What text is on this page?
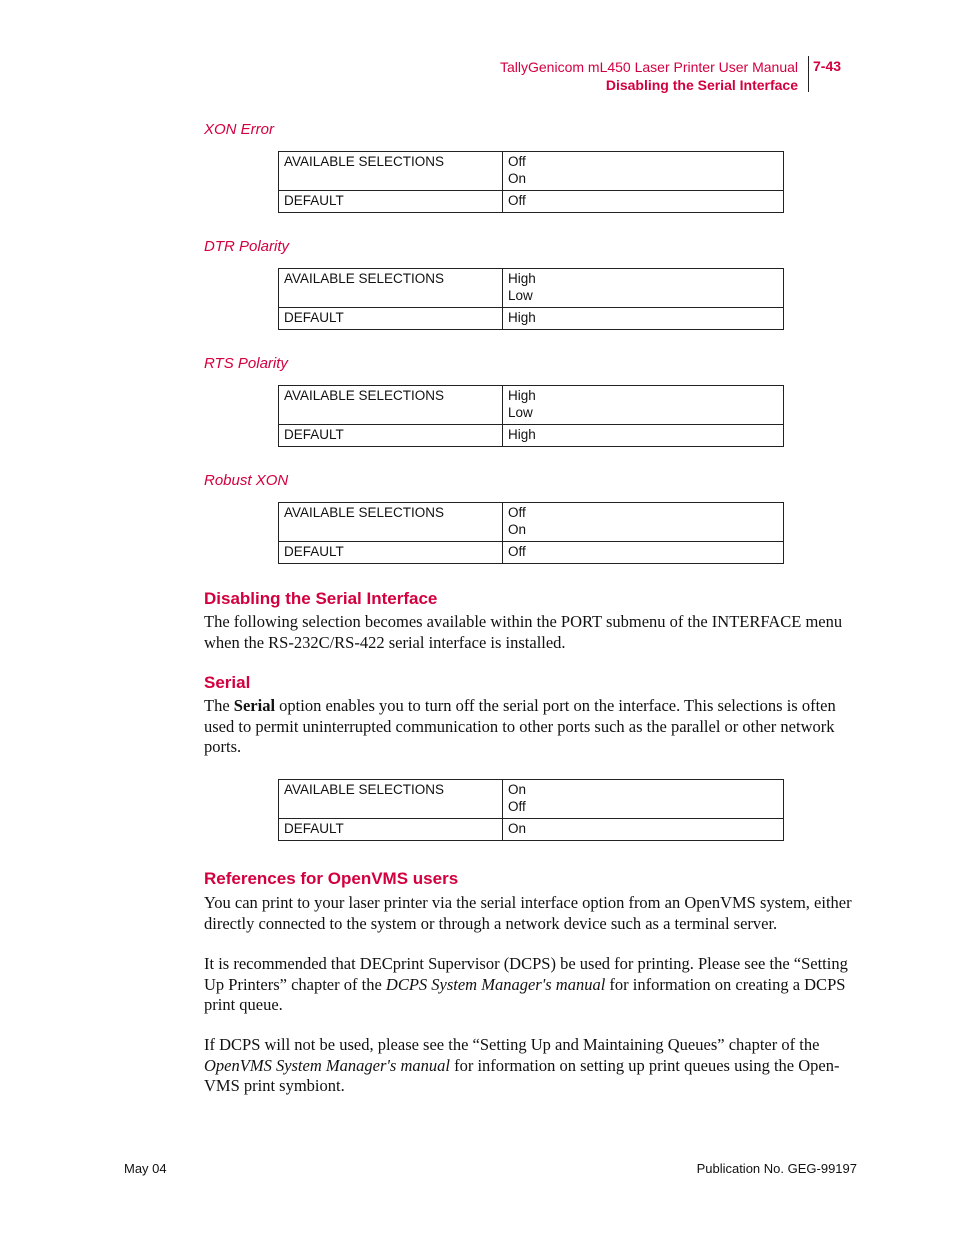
TallyGenicom mL450 Laser Printer User Manual
Disabling the Serial Interface
7-43
XON Error
AVAILABLE SELECTIONS	Off
On

DEFAULT	Off
DTR Polarity
AVAILABLE SELECTIONS	High
Low

DEFAULT	High
RTS Polarity
AVAILABLE SELECTIONS	High
Low

DEFAULT	High
Robust XON
AVAILABLE SELECTIONS	Off
On

DEFAULT	Off
Disabling the Serial Interface
The following selection becomes available within the PORT submenu of the INTERFACE menu when the RS-232C/RS-422 serial interface is installed.
Serial
The Serial option enables you to turn off the serial port on the interface. This selections is often used to permit uninterrupted communication to other ports such as the parallel or other network ports.
AVAILABLE SELECTIONS	On
Off

DEFAULT	On
References for OpenVMS users
You can print to your laser printer via the serial interface option from an OpenVMS system, either directly connected to the system or through a network device such as a terminal server.
It is recommended that DECprint Supervisor (DCPS) be used for printing. Please see the “Setting Up Printers” chapter of the DCPS System Manager's manual for information on creating a DCPS print queue.
If DCPS will not be used, please see the “Setting Up and Maintaining Queues” chapter of the OpenVMS System Manager's manual for information on setting up print queues using the Open-VMS print symbiont.
May 04	Publication No. GEG-99197
